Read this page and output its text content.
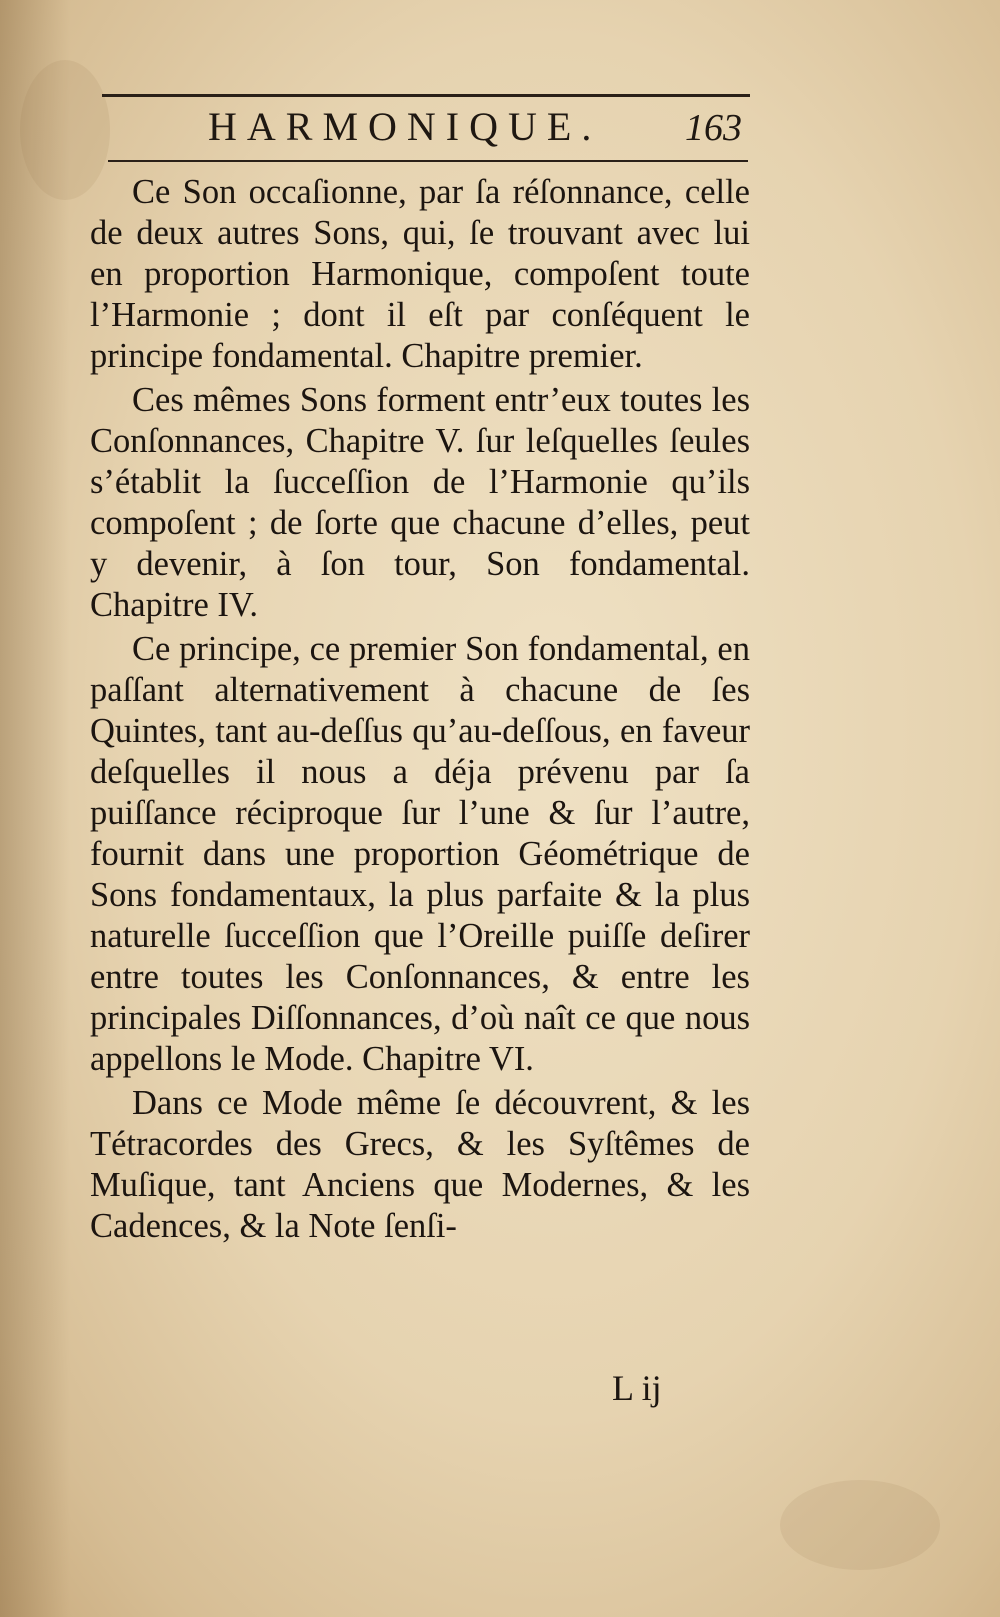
HARMONIQUE. 163

Ce Son occaſionne, par ſa réſonnance, celle de deux autres Sons, qui, ſe trouvant avec lui en proportion Harmonique, compoſent toute l’Harmonie ; dont il eſt par conſéquent le principe fondamental. Chapitre premier.

Ces mêmes Sons forment entr’eux toutes les Conſonnances, Chapitre V. ſur leſquelles ſeules s’établit la ſucceſſion de l’Harmonie qu’ils compoſent ; de ſorte que chacune d’elles, peut y devenir, à ſon tour, Son fondamental. Chapitre IV.

Ce principe, ce premier Son fondamental, en paſſant alternativement à chacune de ſes Quintes, tant au-deſſus qu’au-deſſous, en faveur deſquelles il nous a déja prévenu par ſa puiſſance réciproque ſur l’une & ſur l’autre, fournit dans une proportion Géométrique de Sons fondamentaux, la plus parfaite & la plus naturelle ſucceſſion que l’Oreille puiſſe deſirer entre toutes les Conſonnances, & entre les principales Diſſonnances, d’où naît ce que nous appellons le Mode. Chapitre VI.

Dans ce Mode même ſe découvrent, & les Tétracordes des Grecs, & les Syſtêmes de Muſique, tant Anciens que Modernes, & les Cadences, & la Note ſenſi-

L ij
